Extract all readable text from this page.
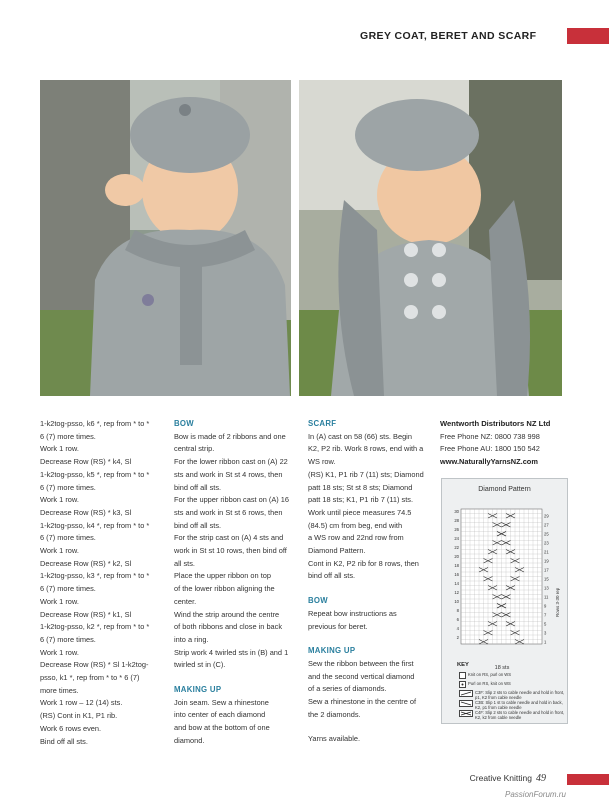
GREY COAT, BERET AND SCARF

1-k2tog-psso, k6 *, rep from * to *

6 (7) more times.

Work 1 row.

Decrease Row (RS) * k4, Sl

1-k2tog-psso, k5 *, rep from * to *

6 (7) more times.

Work 1 row.

Decrease Row (RS) * k3, Sl

1-k2tog-psso, k4 *, rep from * to *

6 (7) more times.

Work 1 row.

Decrease Row (RS) * k2, Sl

1-k2tog-psso, k3 *, rep from * to *

6 (7) more times.

Work 1 row.

Decrease Row (RS) * k1, Sl

1-k2tog-psso, k2 *, rep from * to *

6 (7) more times.

Work 1 row.

Decrease Row (RS) * Sl 1-k2tog-

psso, k1 *, rep from * to * 6 (7)

more times.

Work 1 row – 12 (14) sts.

(RS) Cont in K1, P1 rib.

Work 6 rows even.

Bind off all sts.

BOW

Bow is made of 2 ribbons and one

central strip.

For the lower ribbon cast on (A) 22

sts and work in St st 4 rows, then

bind off all sts.

For the upper ribbon cast on (A) 16

sts and work in St st 6 rows, then

bind off all sts.

For the strip cast on (A) 4 sts and

work in St st 10 rows, then bind off

all sts.

Place the upper ribbon on top

of the lower ribbon aligning the

center.

Wind the strip around the centre

of both ribbons and close in back

into a ring.

Strip work 4 twirled sts in (B) and 1

twirled st in (C).

MAKING UP

Join seam. Sew a rhinestone

into center of each diamond

and bow at the bottom of one

diamond.

SCARF

In (A) cast on 58 (66) sts. Begin

K2, P2 rib. Work 8 rows, end with a

WS row.

(RS) K1, P1 rib 7 (11) sts; Diamond

patt 18 sts; St st 8 sts; Diamond

patt 18 sts; K1, P1 rib 7 (11) sts.

Work until piece measures 74.5

(84.5) cm from beg, end with

a WS row and 22nd row from

Diamond Pattern.

Cont in K2, P2 rib for 8 rows, then

bind off all sts.

BOW

Repeat bow instructions as

previous for beret.

MAKING UP

Sew the ribbon between the first

and the second vertical diamond

of a series of diamonds.

Sew a rhinestone in the centre of

the 2 diamonds.

Yarns available.

Wentworth Distributors NZ Ltd

Free Phone NZ: 0800 738 998

Free Phone AU: 1800 150 542

www.NaturallyYarnsNZ.com

Diamond Pattern
30
28
26
24
22
20
18
16
14
12
10
8
6
4
2
29
27
25
23
21
19
17
15
13
11
9
7
5
3
1
18 sts
Rows 3-30 rep
KEY
Knit on RS, purl on WS
Purl on RS, knit on WS
C3F: Slip 2 sts to cable needle and hold in front, p1, K2 from cable needle
C3B: Slip 1 st to cable needle and hold in back, K2, p1 from cable needle
C4F: Slip 2 sts to cable needle and hold in front, K2, k2 from cable needle
Creative Knitting 49
PassionForum.ru
